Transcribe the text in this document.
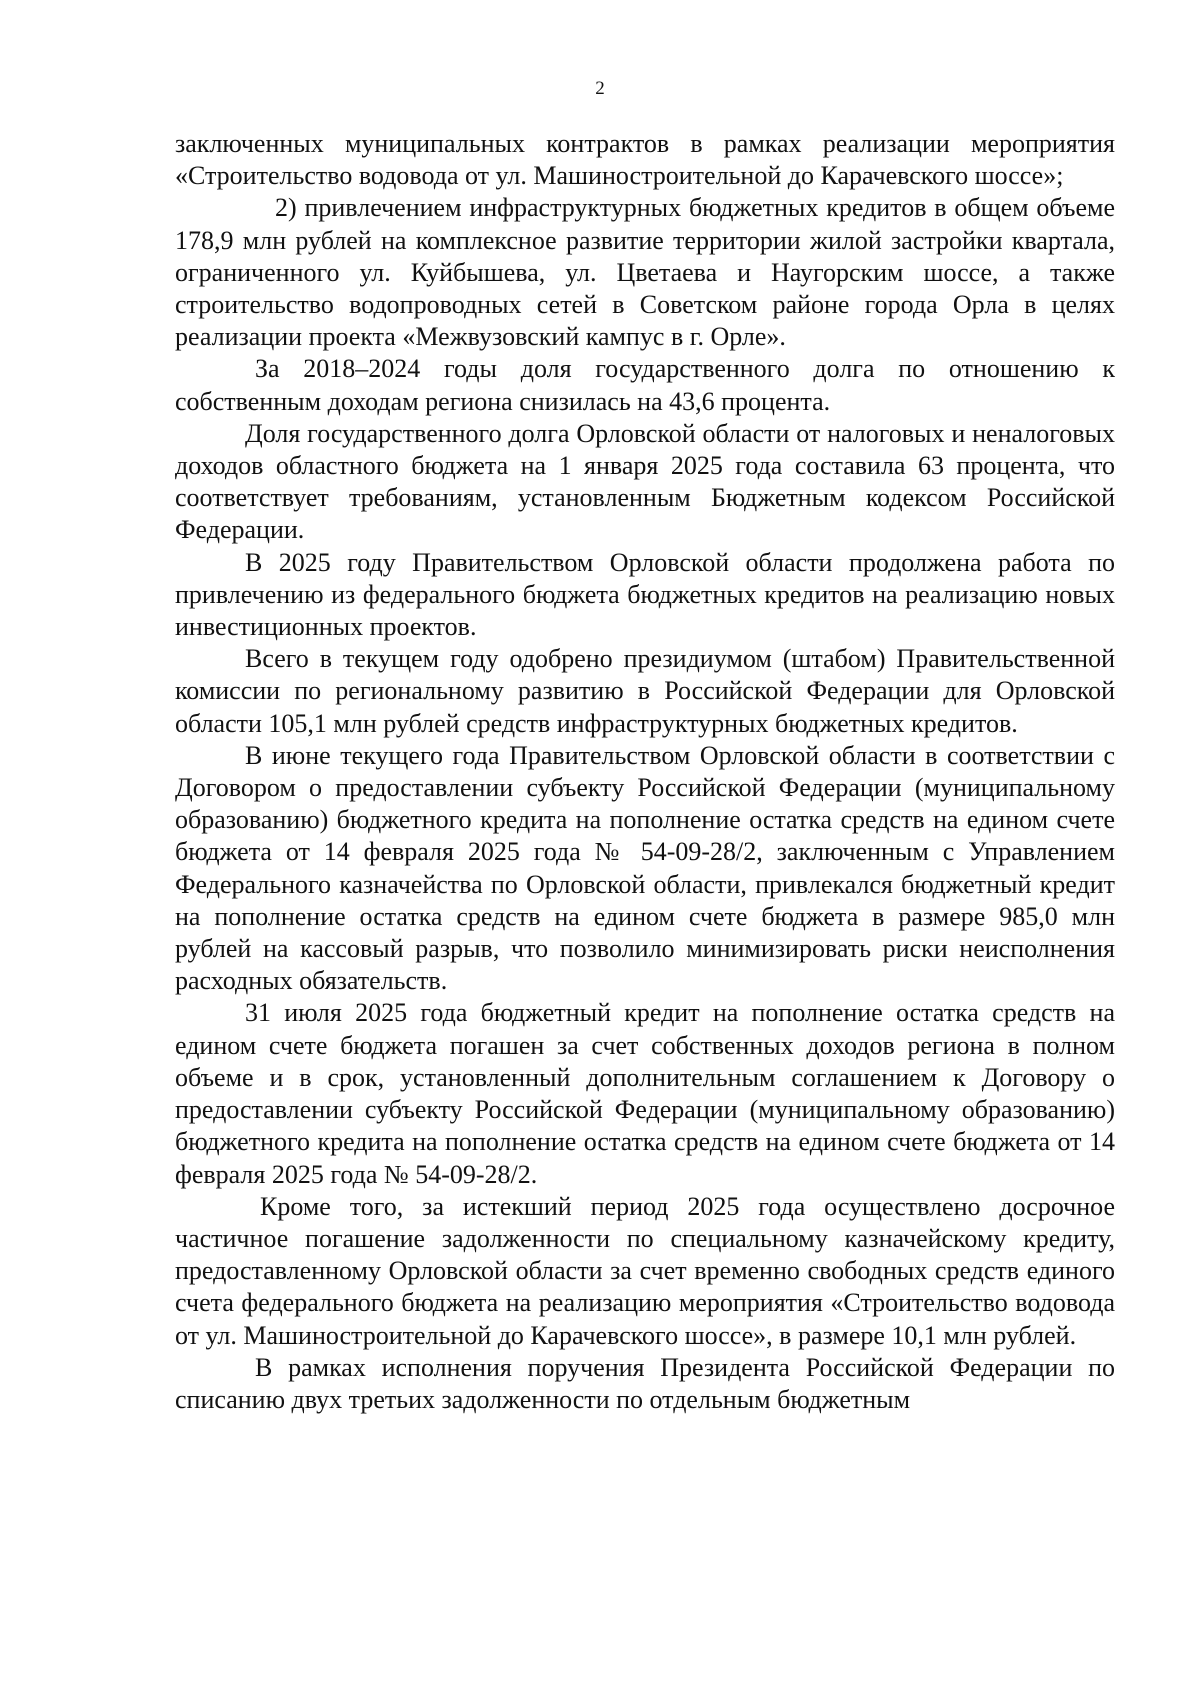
2

заключенных муниципальных контрактов в рамках реализации мероприятия «Строительство водовода от ул. Машиностроительной до Карачевского шоссе»;

2) привлечением инфраструктурных бюджетных кредитов в общем объеме 178,9 млн рублей на комплексное развитие территории жилой застройки квартала, ограниченного ул. Куйбышева, ул. Цветаева и Наугорским шоссе, а также строительство водопроводных сетей в Советском районе города Орла в целях реализации проекта «Межвузовский кампус в г. Орле».

За 2018–2024 годы доля государственного долга по отношению к собственным доходам региона снизилась на 43,6 процента.

Доля государственного долга Орловской области от налоговых и неналоговых доходов областного бюджета на 1 января 2025 года составила 63 процента, что соответствует требованиям, установленным Бюджетным кодексом Российской Федерации.

В 2025 году Правительством Орловской области продолжена работа по привлечению из федерального бюджета бюджетных кредитов на реализацию новых инвестиционных проектов.

Всего в текущем году одобрено президиумом (штабом) Правительственной комиссии по региональному развитию в Российской Федерации для Орловской области 105,1 млн рублей средств инфраструктурных бюджетных кредитов.

В июне текущего года Правительством Орловской области в соответствии с Договором о предоставлении субъекту Российской Федерации (муниципальному образованию) бюджетного кредита на пополнение остатка средств на едином счете бюджета от 14 февраля 2025 года № 54-09-28/2, заключенным с Управлением Федерального казначейства по Орловской области, привлекался бюджетный кредит на пополнение остатка средств на едином счете бюджета в размере 985,0 млн рублей на кассовый разрыв, что позволило минимизировать риски неисполнения расходных обязательств.

31 июля 2025 года бюджетный кредит на пополнение остатка средств на едином счете бюджета погашен за счет собственных доходов региона в полном объеме и в срок, установленный дополнительным соглашением к Договору о предоставлении субъекту Российской Федерации (муниципальному образованию) бюджетного кредита на пополнение остатка средств на едином счете бюджета от 14 февраля 2025 года № 54-09-28/2.

Кроме того, за истекший период 2025 года осуществлено досрочное частичное погашение задолженности по специальному казначейскому кредиту, предоставленному Орловской области за счет временно свободных средств единого счета федерального бюджета на реализацию мероприятия «Строительство водовода от ул. Машиностроительной до Карачевского шоссе», в размере 10,1 млн рублей.

В рамках исполнения поручения Президента Российской Федерации по списанию двух третьих задолженности по отдельным бюджетным
